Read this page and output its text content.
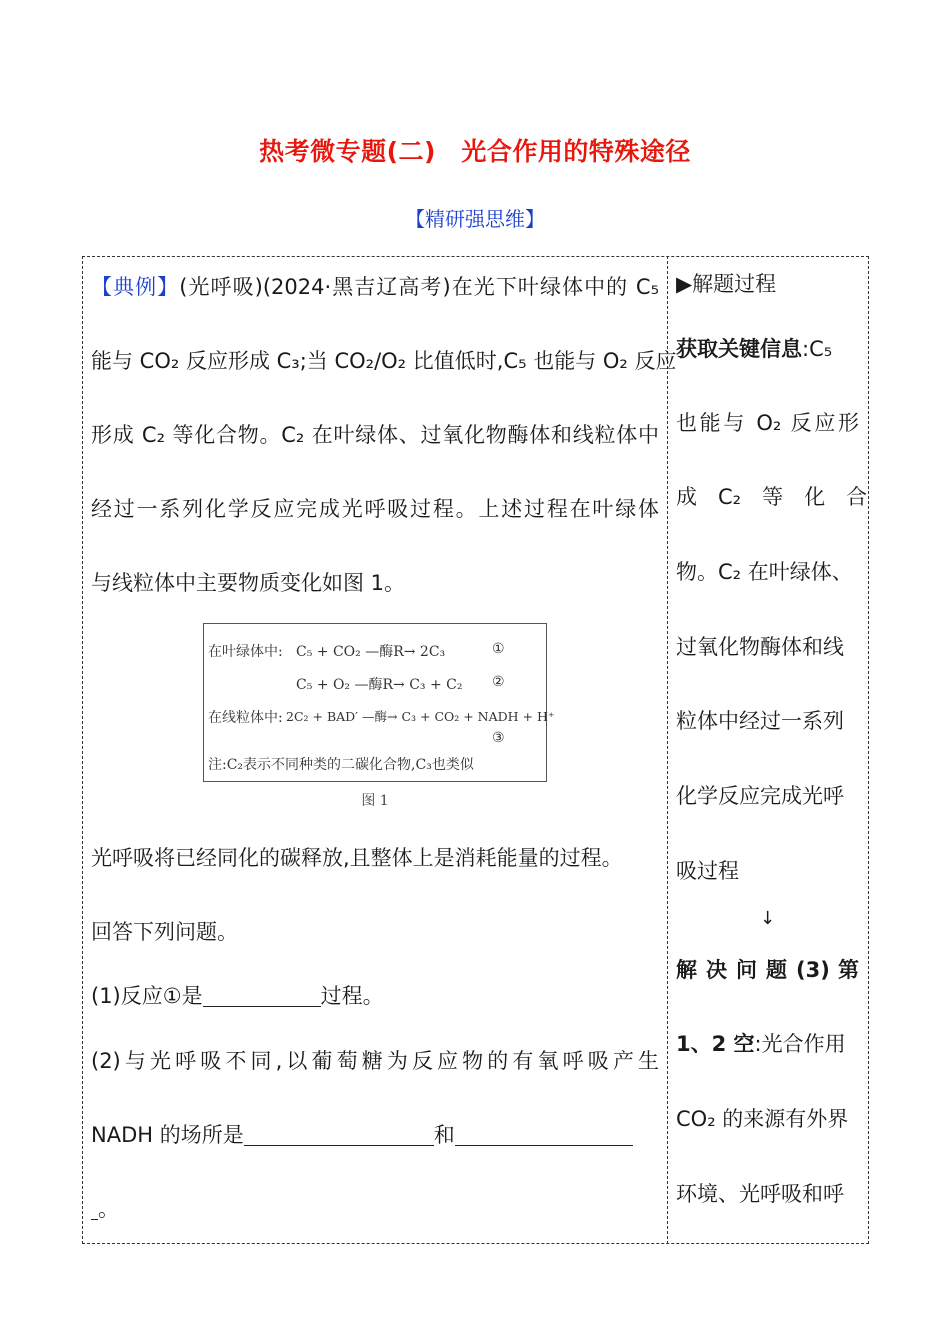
热考微专题(二)　光合作用的特殊途径
【精研强思维】
【典例】(光呼吸)(2024·黑吉辽高考)在光下叶绿体中的 C₅
能与 CO₂ 反应形成 C₃;当 CO₂/O₂ 比值低时,C₅ 也能与 O₂ 反应
形成 C₂ 等化合物。C₂ 在叶绿体、过氧化物酶体和线粒体中
经过一系列化学反应完成光呼吸过程。上述过程在叶绿体
与线粒体中主要物质变化如图 1。
光呼吸将已经同化的碳释放,且整体上是消耗能量的过程。
回答下列问题。
(1)反应①是	过程。
(2)与光呼吸不同,以葡萄糖为反应物的有氧呼吸产生
NADH 的场所是	和
。
在叶绿体中: C₅ + CO₂ —酶R→ 2C₃	①
C₅ + O₂ —酶R→ C₃ + C₂ ②
在线粒体中: 2C₂ + BAD′ —酶→ C₃ + CO₂ + NADH + H⁺
③
注:C₂表示不同种类的二碳化合物,C₃也类似
图 1
▶解题过程
获取关键信息:C₅
也能与 O₂ 反应形
成　C₂　等　化　合
物。C₂ 在叶绿体、
过氧化物酶体和线
粒体中经过一系列
化学反应完成光呼
吸过程
↓
解 决 问 题 (3) 第
1、2 空:光合作用
CO₂ 的来源有外界
环境、光呼吸和呼
